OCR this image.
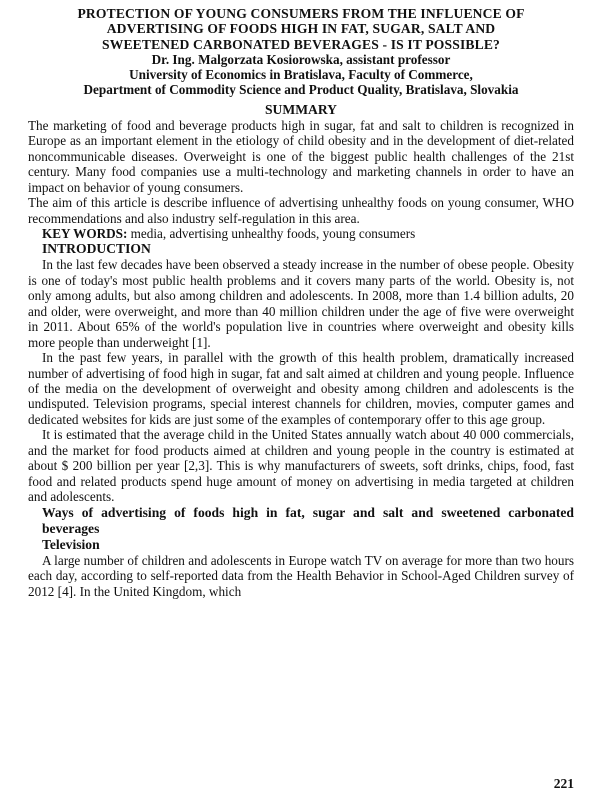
PROTECTION OF YOUNG CONSUMERS FROM THE INFLUENCE OF
ADVERTISING OF FOODS HIGH IN FAT, SUGAR, SALT AND
SWEETENED CARBONATED BEVERAGES - IS IT POSSIBLE?
Dr. Ing. Malgorzata Kosiorowska, assistant professor
University of Economics in Bratislava, Faculty of Commerce,
Department of Commodity Science and Product Quality, Bratislava, Slovakia
SUMMARY

The marketing of food and beverage products high in sugar, fat and salt to children is recognized in Europe as an important element in the etiology of child obesity and in the development of diet-related noncommunicable diseases. Overweight is one of the biggest public health challenges of the 21st century. Many food companies use a multi-technology and marketing channels in order to have an impact on behavior of young consumers.

The aim of this article is describe influence of advertising unhealthy foods on young consumer, WHO recommendations and also industry self-regulation in this area.

KEY WORDS: media, advertising unhealthy foods, young consumers

INTRODUCTION

In the last few decades have been observed a steady increase in the number of obese people. Obesity is one of today's most public health problems and it covers many parts of the world. Obesity is, not only among adults, but also among children and adolescents. In 2008, more than 1.4 billion adults, 20 and older, were overweight, and more than 40 million children under the age of five were overweight in 2011. About 65% of the world's population live in countries where overweight and obesity kills more people than underweight [1].

In the past few years, in parallel with the growth of this health problem, dramatically increased number of advertising of food high in sugar, fat and salt aimed at children and young people. Influence of the media on the development of overweight and obesity among children and adolescents is the undisputed. Television programs, special interest channels for children, movies, computer games and dedicated websites for kids are just some of the examples of contemporary offer to this age group.

It is estimated that the average child in the United States annually watch about 40 000 commercials, and the market for food products aimed at children and young people in the country is estimated at about $ 200 billion per year [2,3]. This is why manufacturers of sweets, soft drinks, chips, food, fast food and related products spend huge amount of money on advertising in media targeted at children and adolescents.

Ways of advertising of foods high in fat, sugar and salt and sweetened carbonated beverages
Television

A large number of children and adolescents in Europe watch TV on average for more than two hours each day, according to self-reported data from the Health Behavior in School-Aged Children survey of 2012 [4]. In the United Kingdom, which

221
